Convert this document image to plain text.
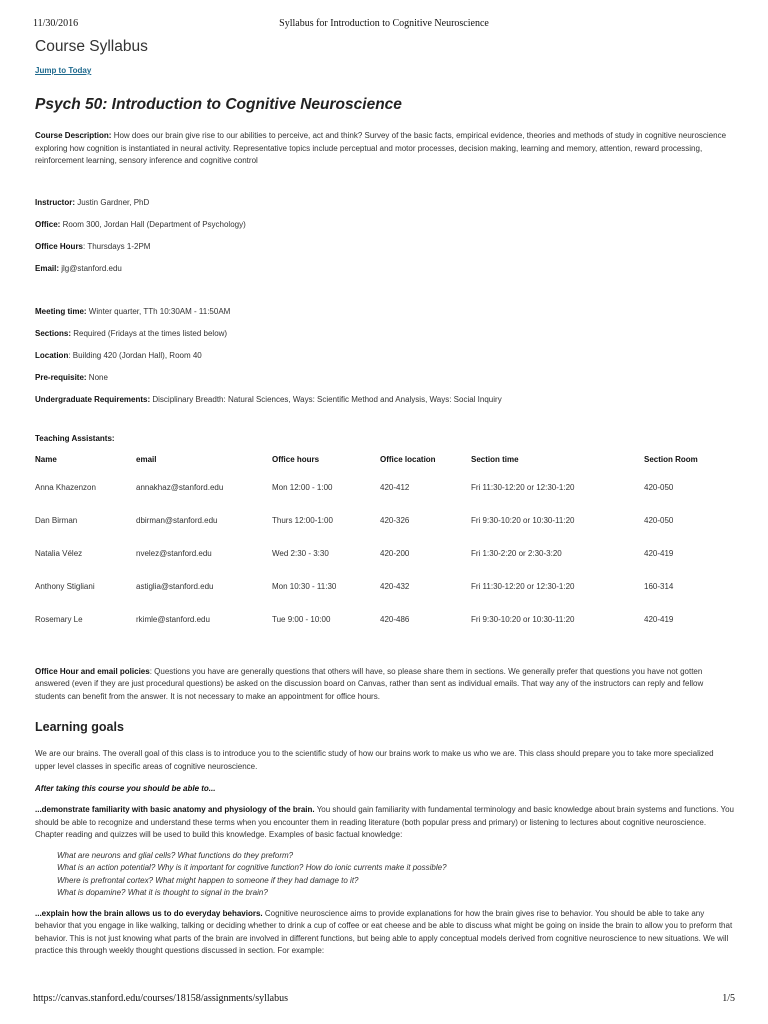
11/30/2016	Syllabus for Introduction to Cognitive Neuroscience
Course Syllabus
Jump to Today
Psych 50: Introduction to Cognitive Neuroscience

Course Description: How does our brain give rise to our abilities to perceive, act and think? Survey of the basic facts, empirical evidence, theories and methods of study in cognitive neuroscience exploring how cognition is instantiated in neural activity. Representative topics include perceptual and motor processes, decision making, learning and memory, attention, reward processing, reinforcement learning, sensory inference and cognitive control

Instructor: Justin Gardner, PhD

Office: Room 300, Jordan Hall (Department of Psychology)

Office Hours: Thursdays 1-2PM

Email: jlg@stanford.edu

Meeting time: Winter quarter, TTh 10:30AM - 11:50AM

Sections: Required (Fridays at the times listed below)

Location: Building 420 (Jordan Hall), Room 40

Pre-requisite: None

Undergraduate Requirements: Disciplinary Breadth: Natural Sciences, Ways: Scientific Method and Analysis, Ways: Social Inquiry

Teaching Assistants:

Name	email	Office hours	Office location	Section time	Section Room
Anna Khazenzon	annakhaz@stanford.edu	Mon 12:00 - 1:00	420-412	Fri 11:30-12:20 or 12:30-1:20	420-050
Dan Birman	dbirman@stanford.edu	Thurs 12:00-1:00	420-326	Fri 9:30-10:20 or 10:30-11:20	420-050
Natalia Vélez	nvelez@stanford.edu	Wed 2:30 - 3:30	420-200	Fri 1:30-2:20 or 2:30-3:20	420-419
Anthony Stigliani	astiglia@stanford.edu	Mon 10:30 - 11:30	420-432	Fri 11:30-12:20 or 12:30-1:20	160-314
Rosemary Le	rkimle@stanford.edu	Tue 9:00 - 10:00	420-486	Fri 9:30-10:20 or 10:30-11:20	420-419

Office Hour and email policies: Questions you have are generally questions that others will have, so please share them in sections. We generally prefer that questions you have not gotten answered (even if they are just procedural questions) be asked on the discussion board on Canvas, rather than sent as individual emails. That way any of the instructors can reply and fellow students can benefit from the answer. It is not necessary to make an appointment for office hours.

Learning goals

We are our brains. The overall goal of this class is to introduce you to the scientific study of how our brains work to make us who we are. This class should prepare you to take more specialized upper level classes in specific areas of cognitive neuroscience.

After taking this course you should be able to...

...demonstrate familiarity with basic anatomy and physiology of the brain. You should gain familiarity with fundamental terminology and basic knowledge about brain systems and functions. You should be able to recognize and understand these terms when you encounter them in reading literature (both popular press and primary) or listening to lectures about cognitive neuroscience. Chapter reading and quizzes will be used to build this knowledge. Examples of basic factual knowledge:

What are neurons and glial cells? What functions do they preform?

What is an action potential? Why is it important for cognitive function? How do ionic currents make it possible?

Where is prefrontal cortex? What might happen to someone if they had damage to it?

What is dopamine? What it is thought to signal in the brain?

...explain how the brain allows us to do everyday behaviors. Cognitive neuroscience aims to provide explanations for how the brain gives rise to behavior. You should be able to take any behavior that you engage in like walking, talking or deciding whether to drink a cup of coffee or eat cheese and be able to discuss what might be going on inside the brain to allow you to preform that behavior. This is not just knowing what parts of the brain are involved in different functions, but being able to apply conceptual models derived from cognitive neuroscience to new situations. We will practice this through weekly thought questions discussed in section. For example:

https://canvas.stanford.edu/courses/18158/assignments/syllabus	1/5
